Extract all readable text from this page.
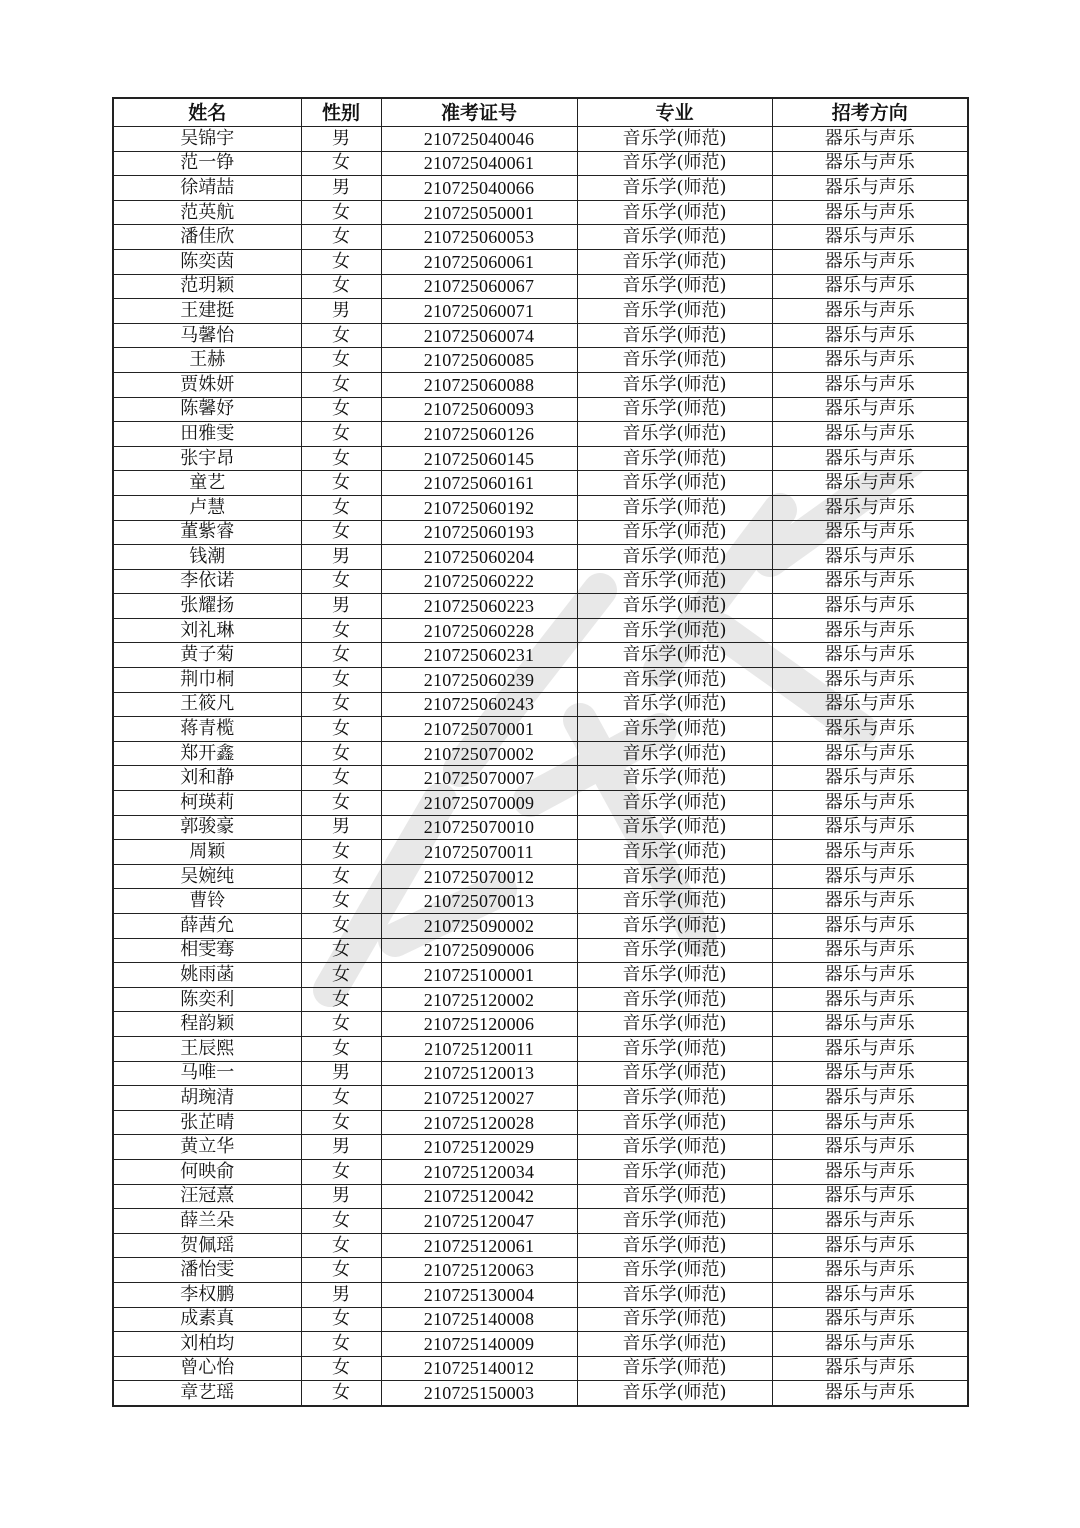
姓名	性别	准考证号	专业	招考方向
吴锦宇	男	210725040046	音乐学(师范)	器乐与声乐
范一铮	女	210725040061	音乐学(师范)	器乐与声乐
徐靖喆	男	210725040066	音乐学(师范)	器乐与声乐
范英航	女	210725050001	音乐学(师范)	器乐与声乐
潘佳欣	女	210725060053	音乐学(师范)	器乐与声乐
陈奕茵	女	210725060061	音乐学(师范)	器乐与声乐
范玥颖	女	210725060067	音乐学(师范)	器乐与声乐
王建挺	男	210725060071	音乐学(师范)	器乐与声乐
马馨怡	女	210725060074	音乐学(师范)	器乐与声乐
王赫	女	210725060085	音乐学(师范)	器乐与声乐
贾姝妍	女	210725060088	音乐学(师范)	器乐与声乐
陈馨妤	女	210725060093	音乐学(师范)	器乐与声乐
田雅雯	女	210725060126	音乐学(师范)	器乐与声乐
张宇昂	女	210725060145	音乐学(师范)	器乐与声乐
童艺	女	210725060161	音乐学(师范)	器乐与声乐
卢慧	女	210725060192	音乐学(师范)	器乐与声乐
董紫睿	女	210725060193	音乐学(师范)	器乐与声乐
钱潮	男	210725060204	音乐学(师范)	器乐与声乐
李依诺	女	210725060222	音乐学(师范)	器乐与声乐
张耀扬	男	210725060223	音乐学(师范)	器乐与声乐
刘礼琳	女	210725060228	音乐学(师范)	器乐与声乐
黄子菊	女	210725060231	音乐学(师范)	器乐与声乐
荆巾桐	女	210725060239	音乐学(师范)	器乐与声乐
王筱凡	女	210725060243	音乐学(师范)	器乐与声乐
蒋青榄	女	210725070001	音乐学(师范)	器乐与声乐
郑开鑫	女	210725070002	音乐学(师范)	器乐与声乐
刘和静	女	210725070007	音乐学(师范)	器乐与声乐
柯瑛莉	女	210725070009	音乐学(师范)	器乐与声乐
郭骏豪	男	210725070010	音乐学(师范)	器乐与声乐
周颖	女	210725070011	音乐学(师范)	器乐与声乐
吴婉纯	女	210725070012	音乐学(师范)	器乐与声乐
曹铃	女	210725070013	音乐学(师范)	器乐与声乐
薛茜允	女	210725090002	音乐学(师范)	器乐与声乐
相雯骞	女	210725090006	音乐学(师范)	器乐与声乐
姚雨菡	女	210725100001	音乐学(师范)	器乐与声乐
陈奕利	女	210725120002	音乐学(师范)	器乐与声乐
程韵颖	女	210725120006	音乐学(师范)	器乐与声乐
王辰熙	女	210725120011	音乐学(师范)	器乐与声乐
马唯一	男	210725120013	音乐学(师范)	器乐与声乐
胡琬清	女	210725120027	音乐学(师范)	器乐与声乐
张芷晴	女	210725120028	音乐学(师范)	器乐与声乐
黄立华	男	210725120029	音乐学(师范)	器乐与声乐
何映俞	女	210725120034	音乐学(师范)	器乐与声乐
汪冠熹	男	210725120042	音乐学(师范)	器乐与声乐
薛兰朵	女	210725120047	音乐学(师范)	器乐与声乐
贺佩瑶	女	210725120061	音乐学(师范)	器乐与声乐
潘怡雯	女	210725120063	音乐学(师范)	器乐与声乐
李权鹏	男	210725130004	音乐学(师范)	器乐与声乐
成素真	女	210725140008	音乐学(师范)	器乐与声乐
刘柏均	女	210725140009	音乐学(师范)	器乐与声乐
曾心怡	女	210725140012	音乐学(师范)	器乐与声乐
章艺瑶	女	210725150003	音乐学(师范)	器乐与声乐
